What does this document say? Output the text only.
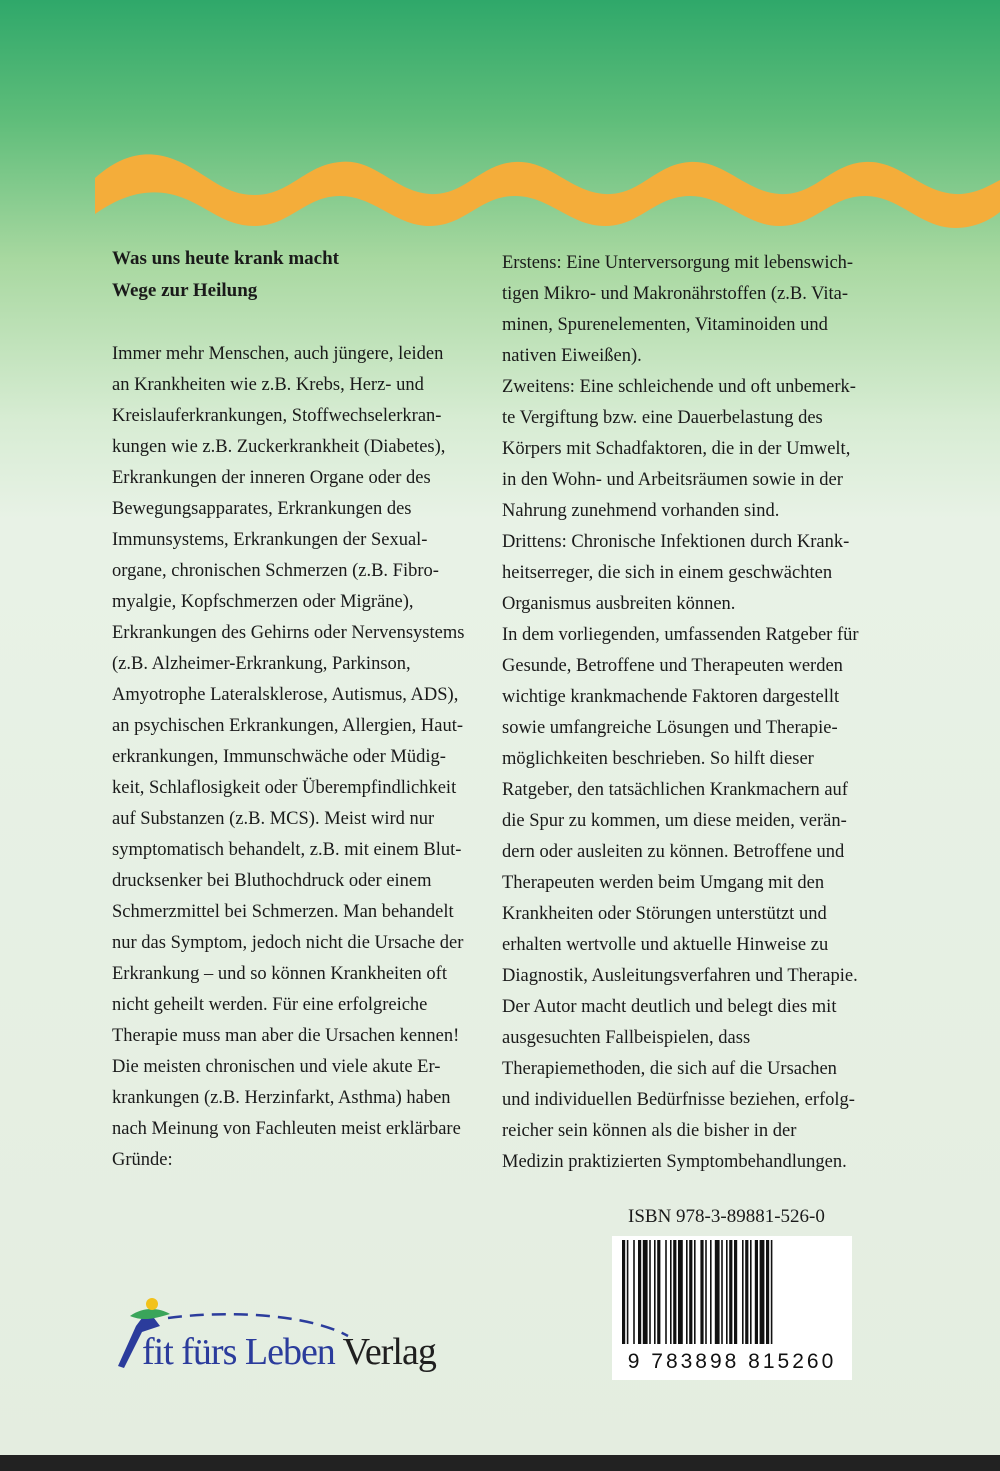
Was uns heute krank macht
Wege zur Heilung

Immer mehr Menschen, auch jüngere, leiden
an Krankheiten wie z.B. Krebs, Herz- und
Kreislauferkrankungen, Stoffwechselerkran-
kungen wie z.B. Zuckerkrankheit (Diabetes),
Erkrankungen der inneren Organe oder des
Bewegungsapparates, Erkrankungen des
Immunsystems, Erkrankungen der Sexual-
organe, chronischen Schmerzen (z.B. Fibro-
myalgie, Kopfschmerzen oder Migräne),
Erkrankungen des Gehirns oder Nervensystems
(z.B. Alzheimer-Erkrankung, Parkinson,
Amyotrophe Lateralsklerose, Autismus, ADS),
an psychischen Erkrankungen, Allergien, Haut-
erkrankungen, Immunschwäche oder Müdig-
keit, Schlaflosigkeit oder Überempfindlichkeit
auf Substanzen (z.B. MCS). Meist wird nur
symptomatisch behandelt, z.B. mit einem Blut-
drucksenker bei Bluthochdruck oder einem
Schmerzmittel bei Schmerzen. Man behandelt
nur das Symptom, jedoch nicht die Ursache der
Erkrankung – und so können Krankheiten oft
nicht geheilt werden. Für eine erfolgreiche
Therapie muss man aber die Ursachen kennen!
Die meisten chronischen und viele akute Er-
krankungen (z.B. Herzinfarkt, Asthma) haben
nach Meinung von Fachleuten meist erklärbare
Gründe:

Erstens: Eine Unterversorgung mit lebenswich-
tigen Mikro- und Makronährstoffen (z.B. Vita-
minen, Spurenelementen, Vitaminoiden und
nativen Eiweißen).
Zweitens: Eine schleichende und oft unbemerk-
te Vergiftung bzw. eine Dauerbelastung des
Körpers mit Schadfaktoren, die in der Umwelt,
in den Wohn- und Arbeitsräumen sowie in der
Nahrung zunehmend vorhanden sind.
Drittens: Chronische Infektionen durch Krank-
heitserreger, die sich in einem geschwächten
Organismus ausbreiten können.
In dem vorliegenden, umfassenden Ratgeber für
Gesunde, Betroffene und Therapeuten werden
wichtige krankmachende Faktoren dargestellt
sowie umfangreiche Lösungen und Therapie-
möglichkeiten beschrieben. So hilft dieser
Ratgeber, den tatsächlichen Krankmachern auf
die Spur zu kommen, um diese meiden, verän-
dern oder ausleiten zu können. Betroffene und
Therapeuten werden beim Umgang mit den
Krankheiten oder Störungen unterstützt und
erhalten wertvolle und aktuelle Hinweise zu
Diagnostik, Ausleitungsverfahren und Therapie.
Der Autor macht deutlich und belegt dies mit
ausgesuchten Fallbeispielen, dass
Therapiemethoden, die sich auf die Ursachen
und individuellen Bedürfnisse beziehen, erfolg-
reicher sein können als die bisher in der
Medizin praktizierten Symptombehandlungen.

ISBN 978-3-89881-526-0
9 783898 815260
fit fürs Leben Verlag
